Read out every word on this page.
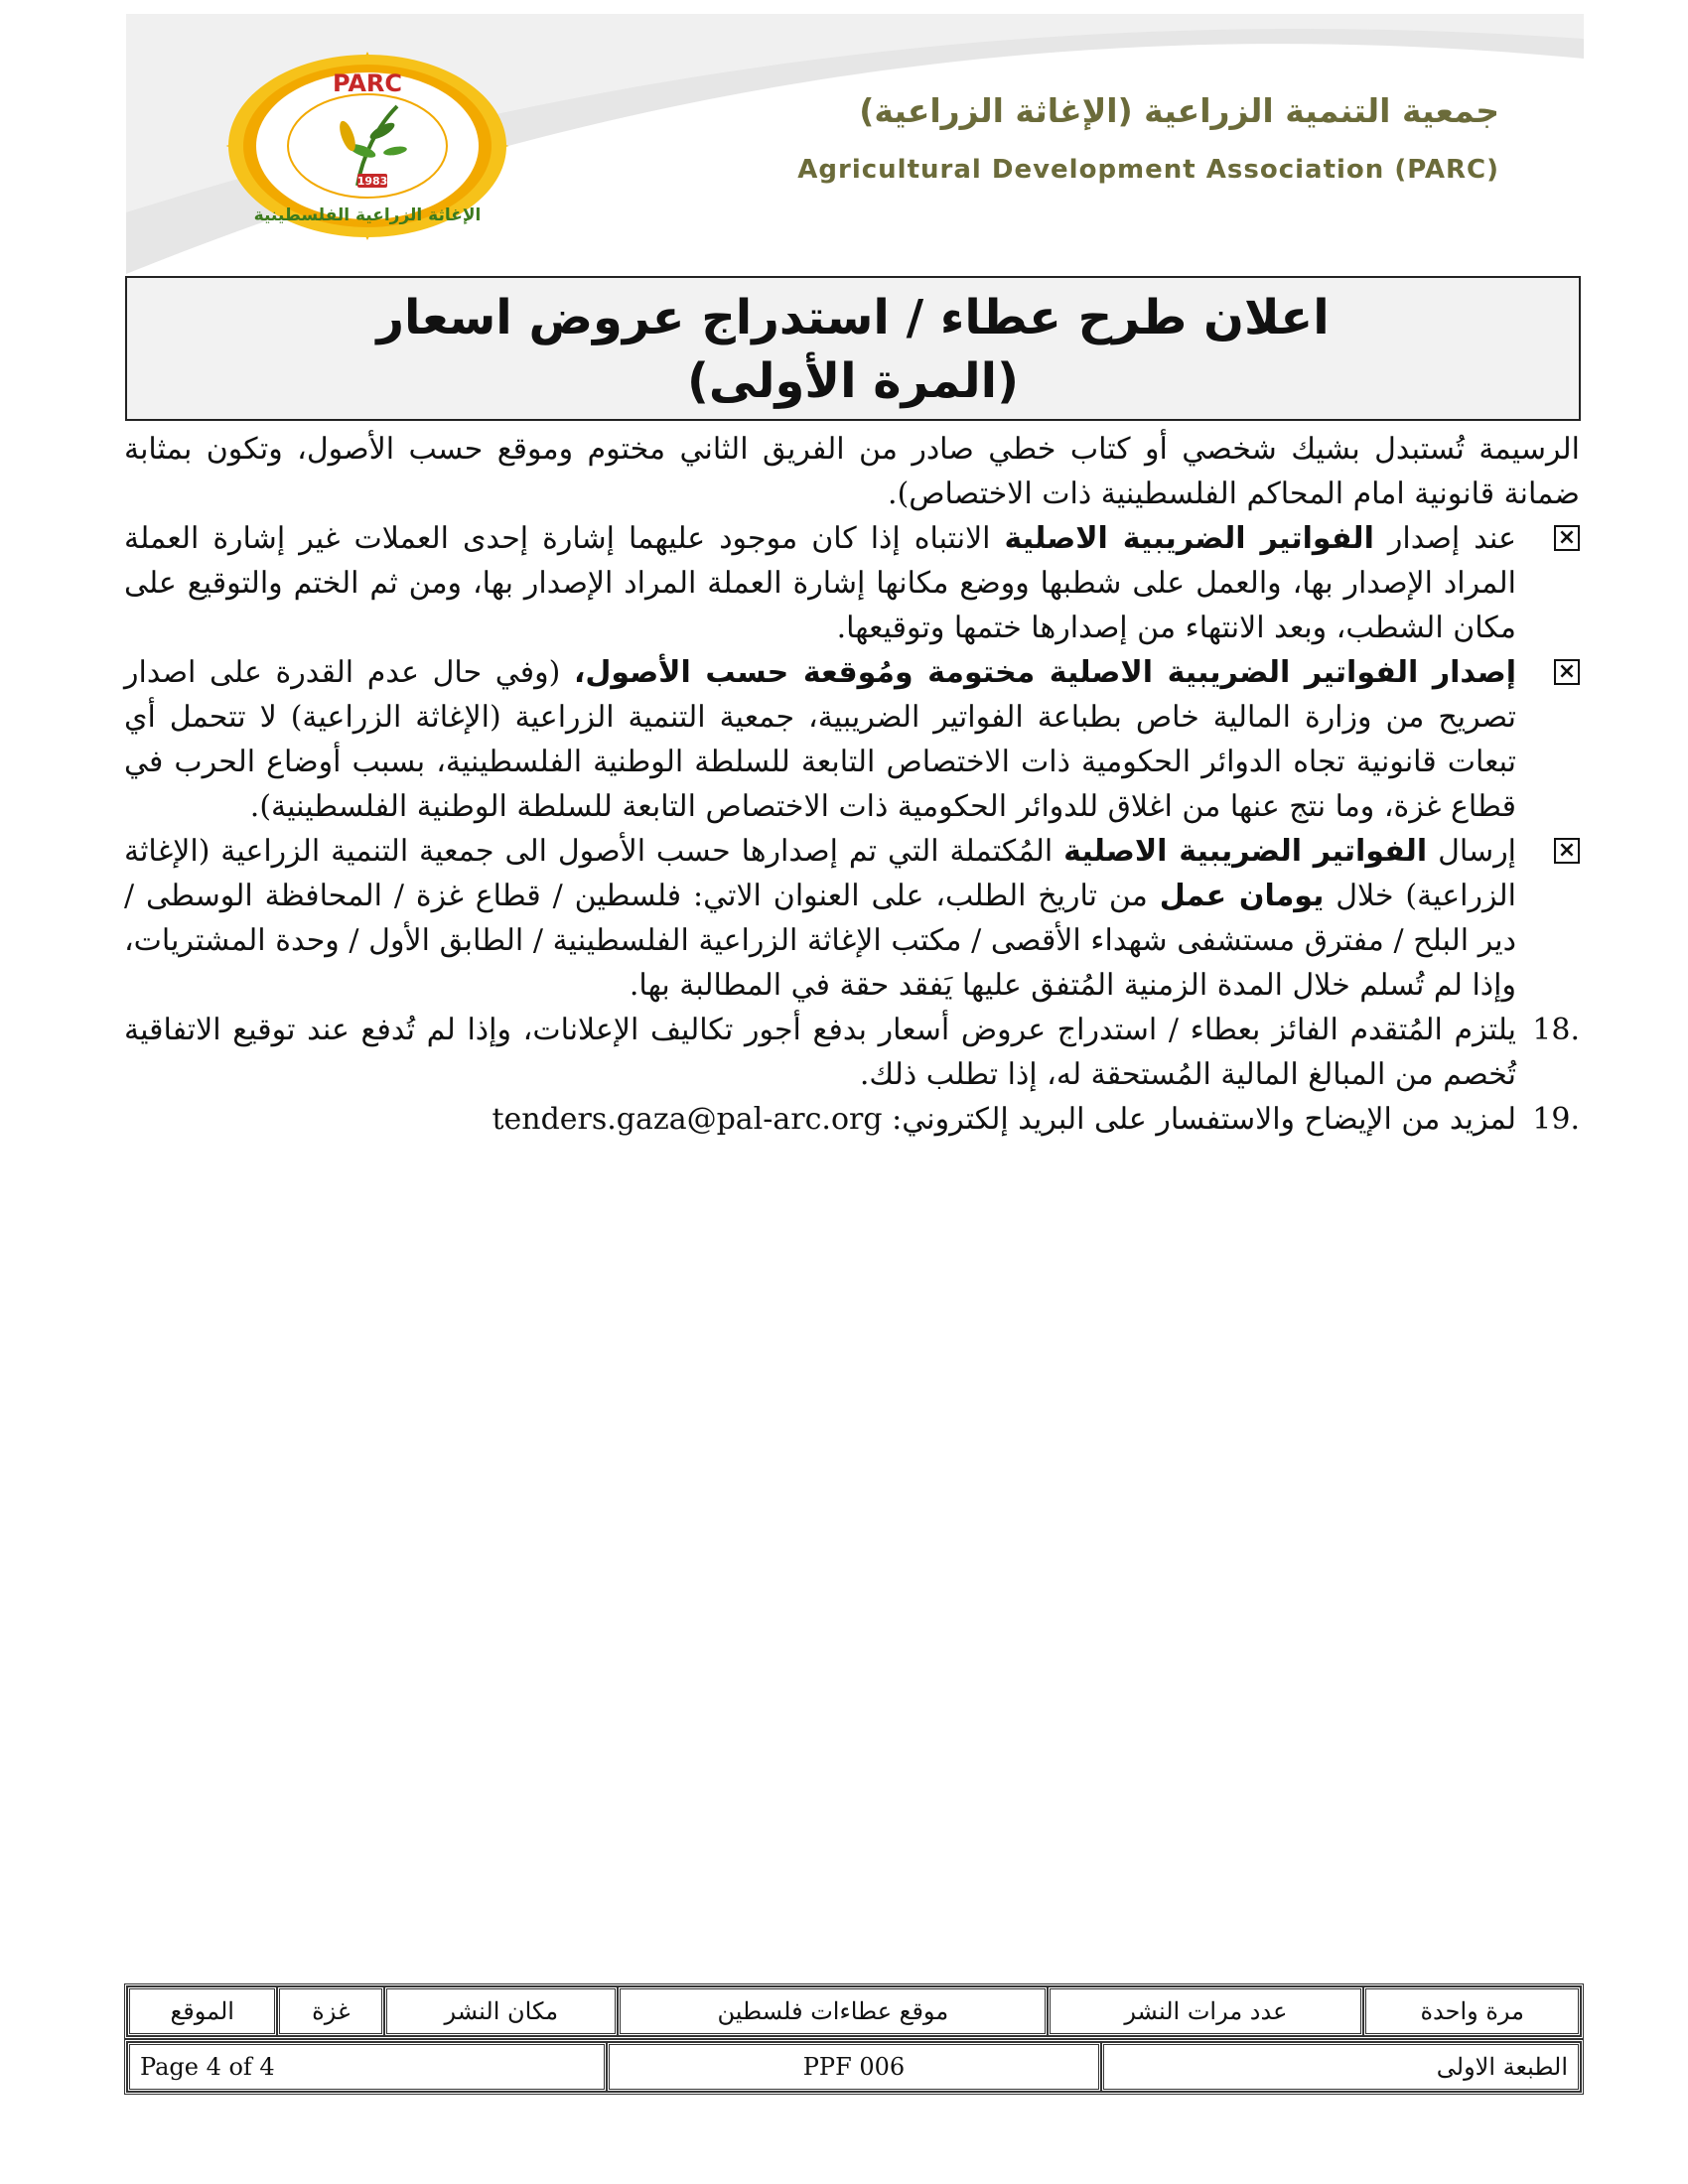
PARC
1983
الإغاثة الزراعية الفلسطينية
جمعية التنمية الزراعية (الإغاثة الزراعية)
Agricultural Development Association (PARC)
اعلان طرح عطاء / استدراج عروض اسعار
(المرة الأولى)

الرسيمة تُستبدل بشيك شخصي أو كتاب خطي صادر من الفريق الثاني مختوم وموقع حسب الأصول، وتكون بمثابة ضمانة قانونية امام المحاكم الفلسطينية ذات الاختصاص).

×
عند إصدار الفواتير الضريبية الاصلية الانتباه إذا كان موجود عليهما إشارة إحدى العملات غير إشارة العملة المراد الإصدار بها، والعمل على شطبها ووضع مكانها إشارة العملة المراد الإصدار بها، ومن ثم الختم والتوقيع على مكان الشطب، وبعد الانتهاء من إصدارها ختمها وتوقيعها.

×
إصدار الفواتير الضريبية الاصلية مختومة ومُوقعة حسب الأصول، (وفي حال عدم القدرة على اصدار تصريح من وزارة المالية خاص بطباعة الفواتير الضريبية، جمعية التنمية الزراعية (الإغاثة الزراعية) لا تتحمل أي تبعات قانونية تجاه الدوائر الحكومية ذات الاختصاص التابعة للسلطة الوطنية الفلسطينية، بسبب أوضاع الحرب في قطاع غزة، وما نتج عنها من اغلاق للدوائر الحكومية ذات الاختصاص التابعة للسلطة الوطنية الفلسطينية).

×
إرسال الفواتير الضريبية الاصلية المُكتملة التي تم إصدارها حسب الأصول الى جمعية التنمية الزراعية (الإغاثة الزراعية) خلال يومان عمل من تاريخ الطلب، على العنوان الاتي: فلسطين / قطاع غزة / المحافظة الوسطى / دير البلح / مفترق مستشفى شهداء الأقصى / مكتب الإغاثة الزراعية الفلسطينية / الطابق الأول / وحدة المشتريات، وإذا لم تُسلم خلال المدة الزمنية المُتفق عليها يَفقد حقة في المطالبة بها.

18.
يلتزم المُتقدم الفائز بعطاء / استدراج عروض أسعار بدفع أجور تكاليف الإعلانات، وإذا لم تُدفع عند توقيع الاتفاقية تُخصم من المبالغ المالية المُستحقة له، إذا تطلب ذلك.

19.
لمزيد من الإيضاح والاستفسار على البريد إلكتروني: tenders.gaza@pal-arc.org

الموقع	غزة	مكان النشر	موقع عطاءات فلسطين	عدد مرات النشر	مرة واحدة
Page 4 of 4	PPF 006	الطبعة الاولى
